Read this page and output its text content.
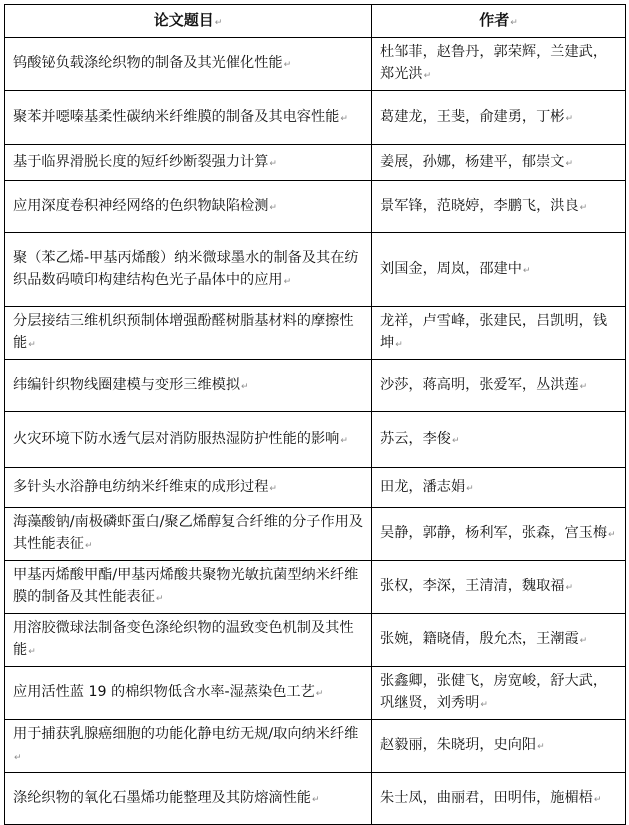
论文题目↵	作者↵
钨酸铋负载涤纶织物的制备及其光催化性能↵	杜邹菲，赵鲁丹，郭荣辉，兰建武，郑光洪↵
聚苯并噁嗪基柔性碳纳米纤维膜的制备及其电容性能↵	葛建龙，王斐，俞建勇，丁彬↵
基于临界滑脱长度的短纤纱断裂强力计算↵	姜展，孙娜，杨建平，郁崇文↵
应用深度卷积神经网络的色织物缺陷检测↵	景军锋，范晓婷，李鹏飞，洪良↵
聚（苯乙烯-甲基丙烯酸）纳米微球墨水的制备及其在纺织品数码喷印构建结构色光子晶体中的应用↵	刘国金，周岚，邵建中↵
分层接结三维机织预制体增强酚醛树脂基材料的摩擦性能↵	龙祥，卢雪峰，张建民，吕凯明，钱坤↵
纬编针织物线圈建模与变形三维模拟↵	沙莎，蒋高明，张爱军，丛洪莲↵
火灾环境下防水透气层对消防服热湿防护性能的影响↵	苏云，李俊↵
多针头水浴静电纺纳米纤维束的成形过程↵	田龙，潘志娟↵
海藻酸钠/南极磷虾蛋白/聚乙烯醇复合纤维的分子作用及其性能表征↵	吴静，郭静，杨利军，张森，宫玉梅↵
甲基丙烯酸甲酯/甲基丙烯酸共聚物光敏抗菌型纳米纤维膜的制备及其性能表征↵	张权，李深，王清清，魏取福↵
用溶胶微球法制备变色涤纶织物的温致变色机制及其性能↵	张婉，籍晓倩，殷允杰，王潮霞↵
应用活性蓝 19 的棉织物低含水率-湿蒸染色工艺↵	张鑫卿，张健飞，房宽峻，舒大武，巩继贤，刘秀明↵
用于捕获乳腺癌细胞的功能化静电纺无规/取向纳米纤维↵	赵毅丽，朱晓玥，史向阳↵
涤纶织物的氧化石墨烯功能整理及其防熔滴性能↵	朱士凤，曲丽君，田明伟，施楣梧↵
